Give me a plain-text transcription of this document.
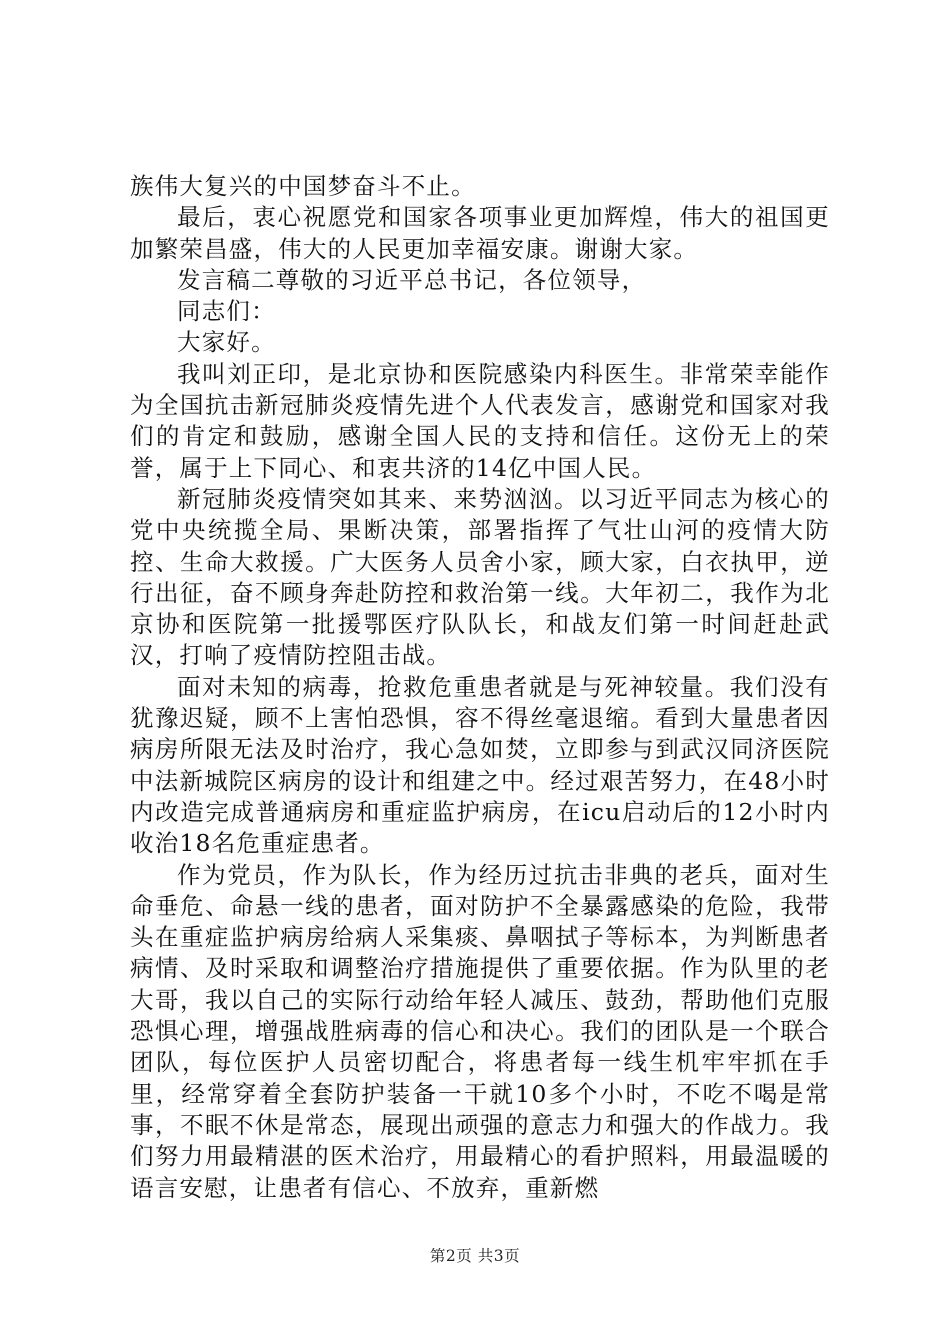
族伟大复兴的中国梦奋斗不止。

最后，衷心祝愿党和国家各项事业更加辉煌，伟大的祖国更加繁荣昌盛，伟大的人民更加幸福安康。谢谢大家。

发言稿二尊敬的习近平总书记，各位领导，

同志们：

大家好。

我叫刘正印，是北京协和医院感染内科医生。非常荣幸能作为全国抗击新冠肺炎疫情先进个人代表发言，感谢党和国家对我们的肯定和鼓励，感谢全国人民的支持和信任。这份无上的荣誉，属于上下同心、和衷共济的14亿中国人民。

新冠肺炎疫情突如其来、来势汹汹。以习近平同志为核心的党中央统揽全局、果断决策，部署指挥了气壮山河的疫情大防控、生命大救援。广大医务人员舍小家，顾大家，白衣执甲，逆行出征，奋不顾身奔赴防控和救治第一线。大年初二，我作为北京协和医院第一批援鄂医疗队队长，和战友们第一时间赶赴武汉，打响了疫情防控阻击战。

面对未知的病毒，抢救危重患者就是与死神较量。我们没有犹豫迟疑，顾不上害怕恐惧，容不得丝毫退缩。看到大量患者因病房所限无法及时治疗，我心急如焚，立即参与到武汉同济医院中法新城院区病房的设计和组建之中。经过艰苦努力，在48小时内改造完成普通病房和重症监护病房，在icu启动后的12小时内收治18名危重症患者。

作为党员，作为队长，作为经历过抗击非典的老兵，面对生命垂危、命悬一线的患者，面对防护不全暴露感染的危险，我带头在重症监护病房给病人采集痰、鼻咽拭子等标本，为判断患者病情、及时采取和调整治疗措施提供了重要依据。作为队里的老大哥，我以自己的实际行动给年轻人减压、鼓劲，帮助他们克服恐惧心理，增强战胜病毒的信心和决心。我们的团队是一个联合团队，每位医护人员密切配合，将患者每一线生机牢牢抓在手里，经常穿着全套防护装备一干就10多个小时，不吃不喝是常事，不眠不休是常态，展现出顽强的意志力和强大的作战力。我们努力用最精湛的医术治疗，用最精心的看护照料，用最温暖的语言安慰，让患者有信心、不放弃，重新燃

第2页 共3页
